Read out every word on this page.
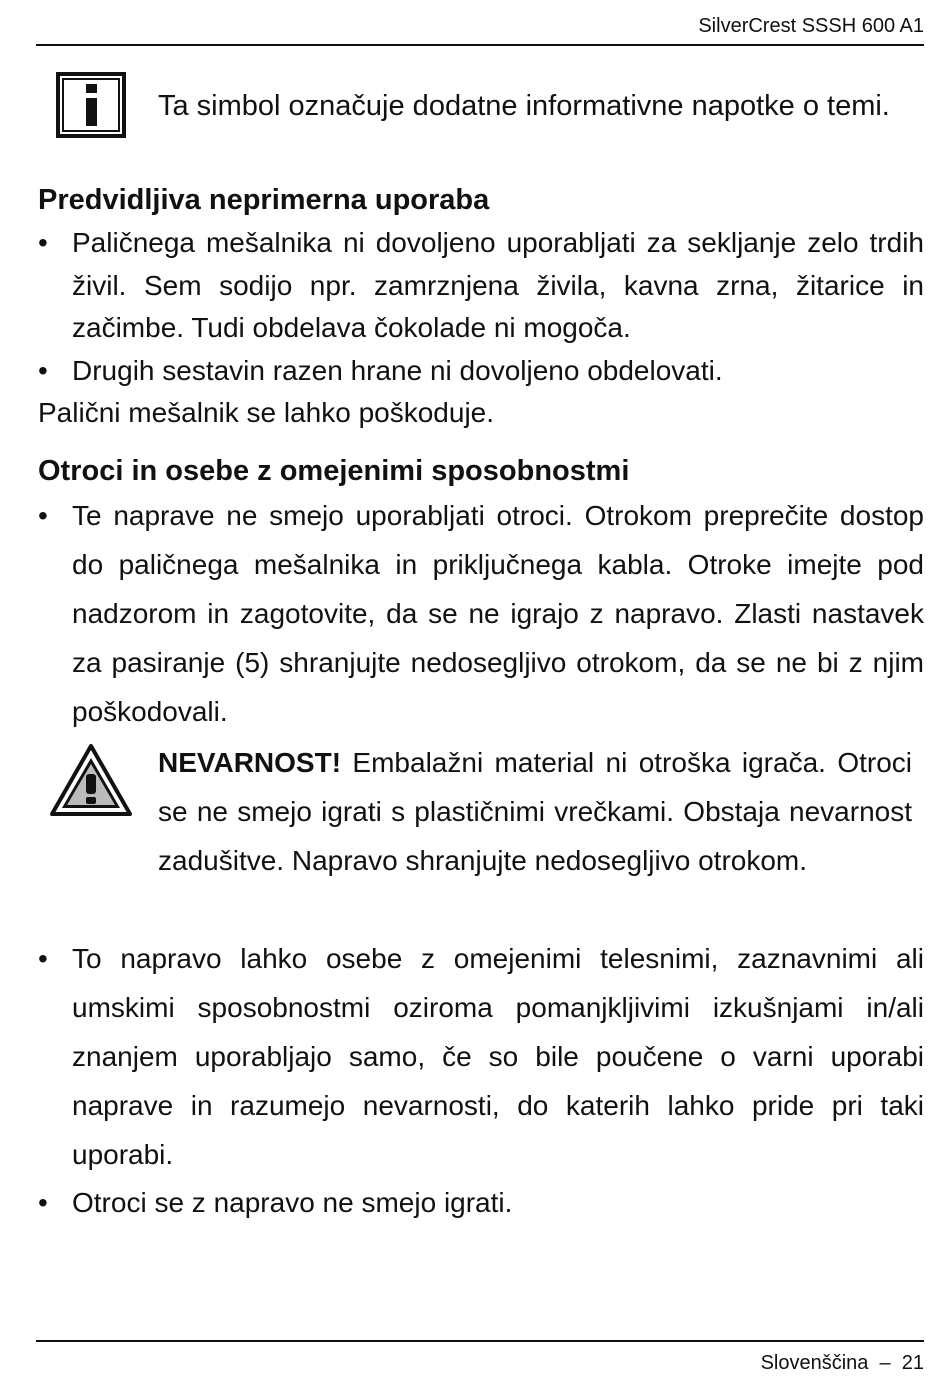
SilverCrest SSSH 600 A1
Ta simbol označuje dodatne informativne napotke o temi.
Predvidljiva neprimerna uporaba
• Paličnega mešalnika ni dovoljeno uporabljati za sekljanje zelo trdih živil. Sem sodijo npr. zamrznjena živila, kavna zrna, žitarice in začimbe. Tudi obdelava čokolade ni mogoča.
• Drugih sestavin razen hrane ni dovoljeno obdelovati.
Palični mešalnik se lahko poškoduje.
Otroci in osebe z omejenimi sposobnostmi
• Te naprave ne smejo uporabljati otroci. Otrokom preprečite dostop do paličnega mešalnika in priključnega kabla. Otroke imejte pod nadzorom in zagotovite, da se ne igrajo z napravo. Zlasti nastavek za pasiranje (5) shranjujte nedosegljivo otrokom, da se ne bi z njim poškodovali.
NEVARNOST! Embalažni material ni otroška igrača. Otroci se ne smejo igrati s plastičnimi vrečkami. Obstaja nevarnost zadušitve. Napravo shranjujte nedosegljivo otrokom.
• To napravo lahko osebe z omejenimi telesnimi, zaznavnimi ali umskimi sposobnostmi oziroma pomanjkljivimi izkušnjami in/ali znanjem uporabljajo samo, če so bile poučene o varni uporabi naprave in razumejo nevarnosti, do katerih lahko pride pri taki uporabi.
• Otroci se z napravo ne smejo igrati.
Slovenščina  –  21
